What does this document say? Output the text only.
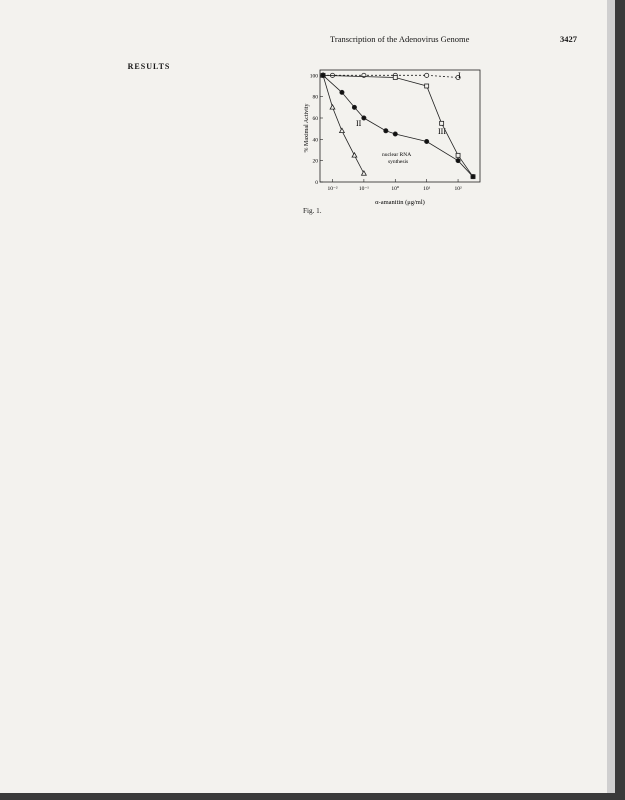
Transcription of the Adenovirus Genome	3427

RESULTS

100
80
60
40
20
0
10⁻²	10⁻¹	10⁰	10¹	10²
% Maximal Activity
α-amanitin (μg/ml)
I
II
III
nuclear RNA
synthesis
Fig. 1.
